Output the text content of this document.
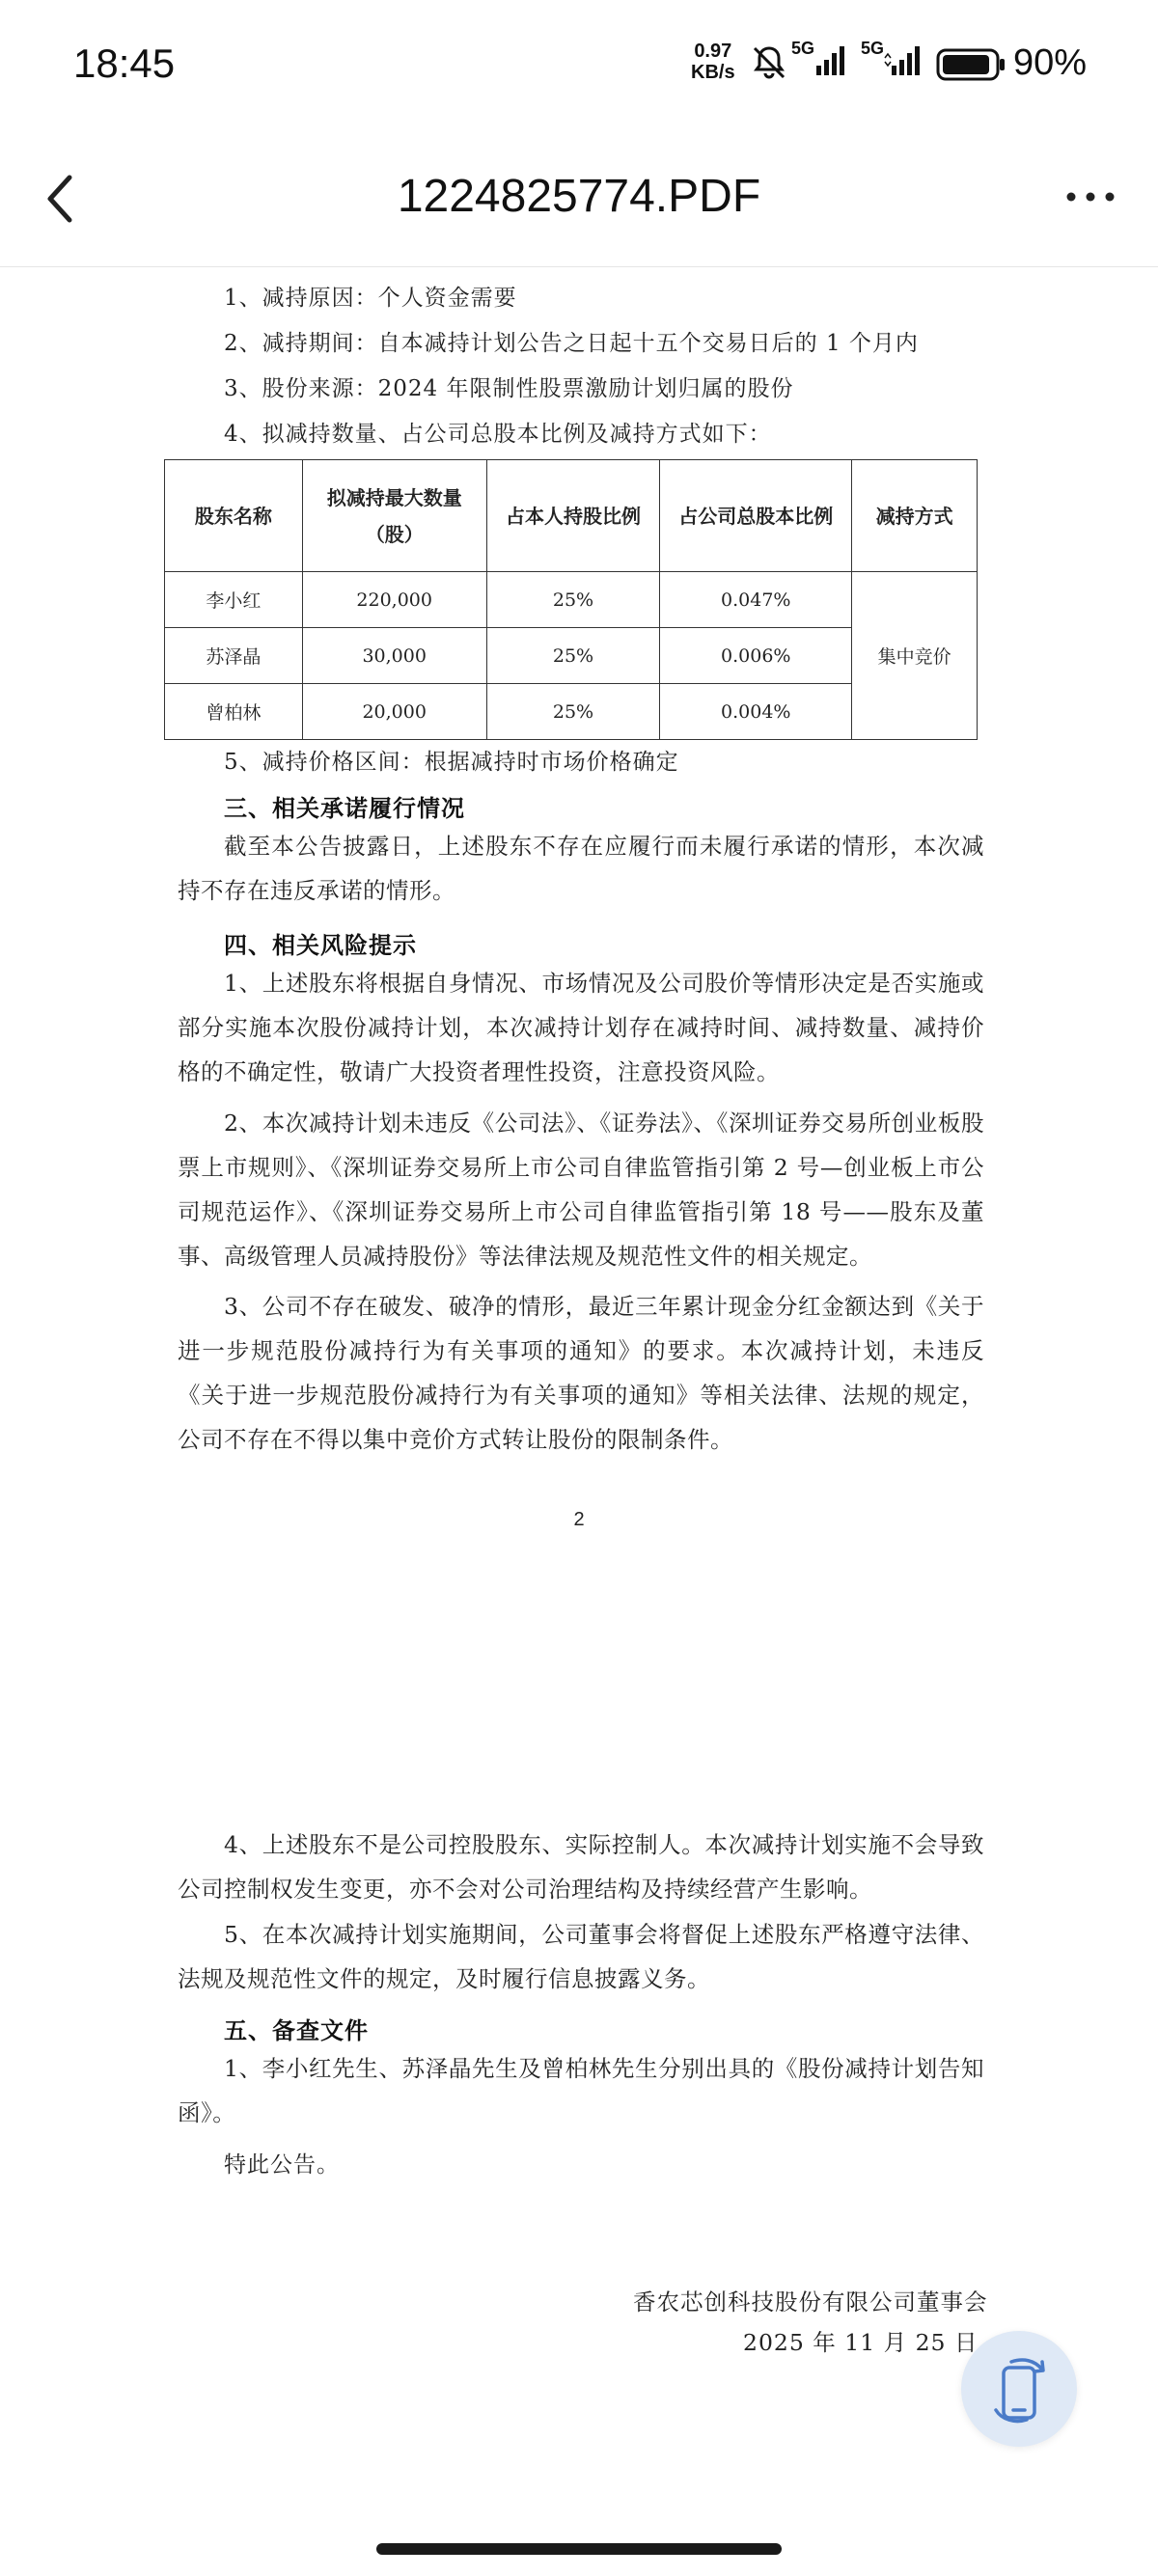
18:45	0.97
KB/s
5G	5G	90%
1224825774.PDF
1、减持原因：个人资金需要
2、减持期间：自本减持计划公告之日起十五个交易日后的 1 个月内
3、股份来源：2024 年限制性股票激励计划归属的股份
4、拟减持数量、占公司总股本比例及减持方式如下：
股东名称	拟减持最大数量（股）	占本人持股比例	占公司总股本比例	减持方式
李小红	220,000	25%	0.047%	集中竞价
苏泽晶	30,000	25%	0.006%	
曾柏林	20,000	25%	0.004%	
5、减持价格区间：根据减持时市场价格确定
三、相关承诺履行情况
截至本公告披露日，上述股东不存在应履行而未履行承诺的情形，本次减持不存在违反承诺的情形。
四、相关风险提示
1、上述股东将根据自身情况、市场情况及公司股价等情形决定是否实施或部分实施本次股份减持计划，本次减持计划存在减持时间、减持数量、减持价格的不确定性，敬请广大投资者理性投资，注意投资风险。
2、本次减持计划未违反《公司法》、《证券法》、《深圳证券交易所创业板股票上市规则》、《深圳证券交易所上市公司自律监管指引第 2 号—创业板上市公司规范运作》、《深圳证券交易所上市公司自律监管指引第 18 号——股东及董事、高级管理人员减持股份》等法律法规及规范性文件的相关规定。
3、公司不存在破发、破净的情形，最近三年累计现金分红金额达到《关于进一步规范股份减持行为有关事项的通知》的要求。本次减持计划，未违反《关于进一步规范股份减持行为有关事项的通知》等相关法律、法规的规定，公司不存在不得以集中竞价方式转让股份的限制条件。
2
4、上述股东不是公司控股股东、实际控制人。本次减持计划实施不会导致公司控制权发生变更，亦不会对公司治理结构及持续经营产生影响。
5、在本次减持计划实施期间，公司董事会将督促上述股东严格遵守法律、法规及规范性文件的规定，及时履行信息披露义务。
五、备查文件
1、李小红先生、苏泽晶先生及曾柏林先生分别出具的《股份减持计划告知函》。
特此公告。
香农芯创科技股份有限公司董事会
2025 年 11 月 25 日
